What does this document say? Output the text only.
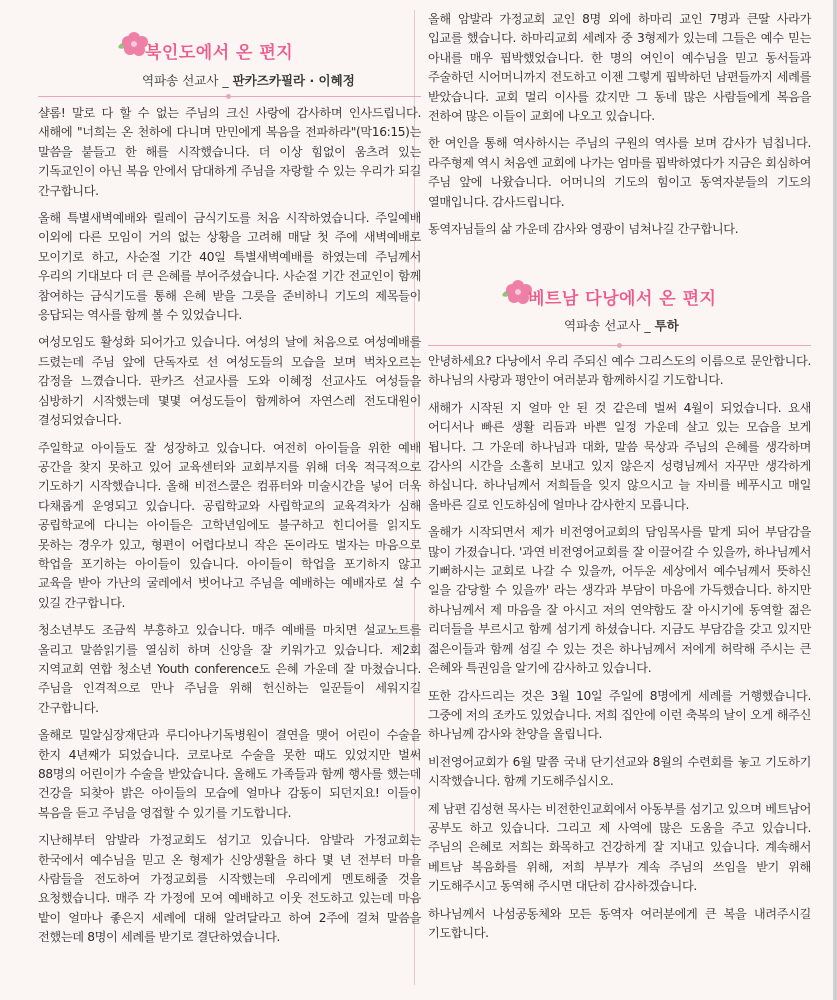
북인도에서 온 편지
역파송 선교사 _ 판카즈카필라 · 이혜정

샬롬! 말로 다 할 수 없는 주님의 크신 사랑에 감사하며 인사드립니다. 새해에 "너희는 온 천하에 다니며 만민에게 복음을 전파하라"(막16:15)는 말씀을 붙들고 한 해를 시작했습니다. 더 이상 힘없이 움츠려 있는 기독교인이 아닌 복음 안에서 담대하게 주님을 자랑할 수 있는 우리가 되길 간구합니다.

올해 특별새벽예배와 릴레이 금식기도를 처음 시작하였습니다. 주일예배 이외에 다른 모임이 거의 없는 상황을 고려해 매달 첫 주에 새벽예배로 모이기로 하고, 사순절 기간 40일 특별새벽예배를 하였는데 주님께서 우리의 기대보다 더 큰 은혜를 부어주셨습니다. 사순절 기간 전교인이 함께 참여하는 금식기도를 통해 은혜 받을 그릇을 준비하니 기도의 제목들이 응답되는 역사를 함께 볼 수 있었습니다.

여성모임도 활성화 되어가고 있습니다. 여성의 날에 처음으로 여성예배를 드렸는데 주님 앞에 단독자로 선 여성도들의 모습을 보며 벅차오르는 감정을 느꼈습니다. 판카즈 선교사를 도와 이혜정 선교사도 여성들을 심방하기 시작했는데 몇몇 여성도들이 함께하여 자연스레 전도대원이 결성되었습니다.

주일학교 아이들도 잘 성장하고 있습니다. 여전히 아이들을 위한 예배 공간을 찾지 못하고 있어 교육센터와 교회부지를 위해 더욱 적극적으로 기도하기 시작했습니다. 올해 비전스쿨은 컴퓨터와 미술시간을 넣어 더욱 다채롭게 운영되고 있습니다. 공립학교와 사립학교의 교육격차가 심해 공립학교에 다니는 아이들은 고학년임에도 불구하고 힌디어를 읽지도 못하는 경우가 있고, 형편이 어렵다보니 작은 돈이라도 벌자는 마음으로 학업을 포기하는 아이들이 있습니다. 아이들이 학업을 포기하지 않고 교육을 받아 가난의 굴레에서 벗어나고 주님을 예배하는 예배자로 설 수 있길 간구합니다.

청소년부도 조금씩 부흥하고 있습니다. 매주 예배를 마치면 설교노트를 올리고 말씀읽기를 열심히 하며 신앙을 잘 키워가고 있습니다. 제2회 지역교회 연합 청소년 Youth conference도 은혜 가운데 잘 마쳤습니다. 주님을 인격적으로 만나 주님을 위해 헌신하는 일꾼들이 세워지길 간구합니다.

올해로 밀알심장재단과 루디아나기독병원이 결연을 맺어 어린이 수술을 한지 4년째가 되었습니다. 코로나로 수술을 못한 때도 있었지만 벌써 88명의 어린이가 수술을 받았습니다. 올해도 가족들과 함께 행사를 했는데 건강을 되찾아 밝은 아이들의 모습에 얼마나 감동이 되던지요! 이들이 복음을 듣고 주님을 영접할 수 있기를 기도합니다.

지난해부터 암발라 가정교회도 섬기고 있습니다. 암발라 가정교회는 한국에서 예수님을 믿고 온 형제가 신앙생활을 하다 몇 년 전부터 마을 사람들을 전도하여 가정교회를 시작했는데 우리에게 멘토해줄 것을 요청했습니다. 매주 각 가정에 모여 예배하고 이웃 전도하고 있는데 마음 밭이 얼마나 좋은지 세례에 대해 알려달라고 하여 2주에 걸쳐 말씀을 전했는데 8명이 세례를 받기로 결단하였습니다.

올해 암발라 가정교회 교인 8명 외에 하마리 교인 7명과 큰딸 사라가 입교를 했습니다. 하마리교회 세례자 중 3형제가 있는데 그들은 예수 믿는 아내를 매우 핍박했었습니다. 한 명의 여인이 예수님을 믿고 동서들과 주술하던 시어머니까지 전도하고 이젠 그렇게 핍박하던 남편들까지 세례를 받았습니다. 교회 멀리 이사를 갔지만 그 동네 많은 사람들에게 복음을 전하여 많은 이들이 교회에 나오고 있습니다.

한 여인을 통해 역사하시는 주님의 구원의 역사를 보며 감사가 넘칩니다. 라주형제 역시 처음엔 교회에 나가는 엄마를 핍박하였다가 지금은 회심하여 주님 앞에 나왔습니다. 어머니의 기도의 힘이고 동역자분들의 기도의 열매입니다. 감사드립니다.

동역자님들의 삶 가운데 감사와 영광이 넘쳐나길 간구합니다.

베트남 다낭에서 온 편지
역파송 선교사 _ 투하

안녕하세요? 다낭에서 우리 주되신 예수 그리스도의 이름으로 문안합니다. 하나님의 사랑과 평안이 여러분과 함께하시길 기도합니다.

새해가 시작된 지 얼마 안 된 것 같은데 벌써 4월이 되었습니다. 요새 어디서나 빠른 생활 리듬과 바쁜 일정 가운데 살고 있는 모습을 보게 됩니다. 그 가운데 하나님과 대화, 말씀 묵상과 주님의 은혜를 생각하며 감사의 시간을 소홀히 보내고 있지 않은지 성령님께서 자꾸만 생각하게 하십니다. 하나님께서 저희들을 잊지 않으시고 늘 자비를 베푸시고 매일 올바른 길로 인도하심에 얼마나 감사한지 모릅니다.

올해가 시작되면서 제가 비전영어교회의 담임목사를 맡게 되어 부담감을 많이 가졌습니다. '과연 비전영어교회를 잘 이끌어갈 수 있을까, 하나님께서 기뻐하시는 교회로 나갈 수 있을까, 어두운 세상에서 예수님께서 뜻하신 일을 감당할 수 있을까' 라는 생각과 부담이 마음에 가득했습니다. 하지만 하나님께서 제 마음을 잘 아시고 저의 연약함도 잘 아시기에 동역할 젊은 리더들을 부르시고 함께 섬기게 하셨습니다. 지금도 부담감을 갖고 있지만 젊은이들과 함께 섬길 수 있는 것은 하나님께서 저에게 허락해 주시는 큰 은혜와 특권임을 알기에 감사하고 있습니다.

또한 감사드리는 것은 3월 10일 주일에 8명에게 세례를 거행했습니다. 그중에 저의 조카도 있었습니다. 저희 집안에 이런 축복의 날이 오게 해주신 하나님께 감사와 찬양을 올립니다.

비전영어교회가 6월 말쯤 국내 단기선교와 8월의 수련회를 놓고 기도하기 시작했습니다. 함께 기도해주십시오.

제 남편 김성현 목사는 비전한인교회에서 아동부를 섬기고 있으며 베트남어 공부도 하고 있습니다. 그리고 제 사역에 많은 도움을 주고 있습니다. 주님의 은혜로 저희는 화목하고 건강하게 잘 지내고 있습니다. 계속해서 베트남 복음화를 위해, 저희 부부가 계속 주님의 쓰임을 받기 위해 기도해주시고 동역해 주시면 대단히 감사하겠습니다.

하나님께서 나섬공동체와 모든 동역자 여러분에게 큰 복을 내려주시길 기도합니다.
